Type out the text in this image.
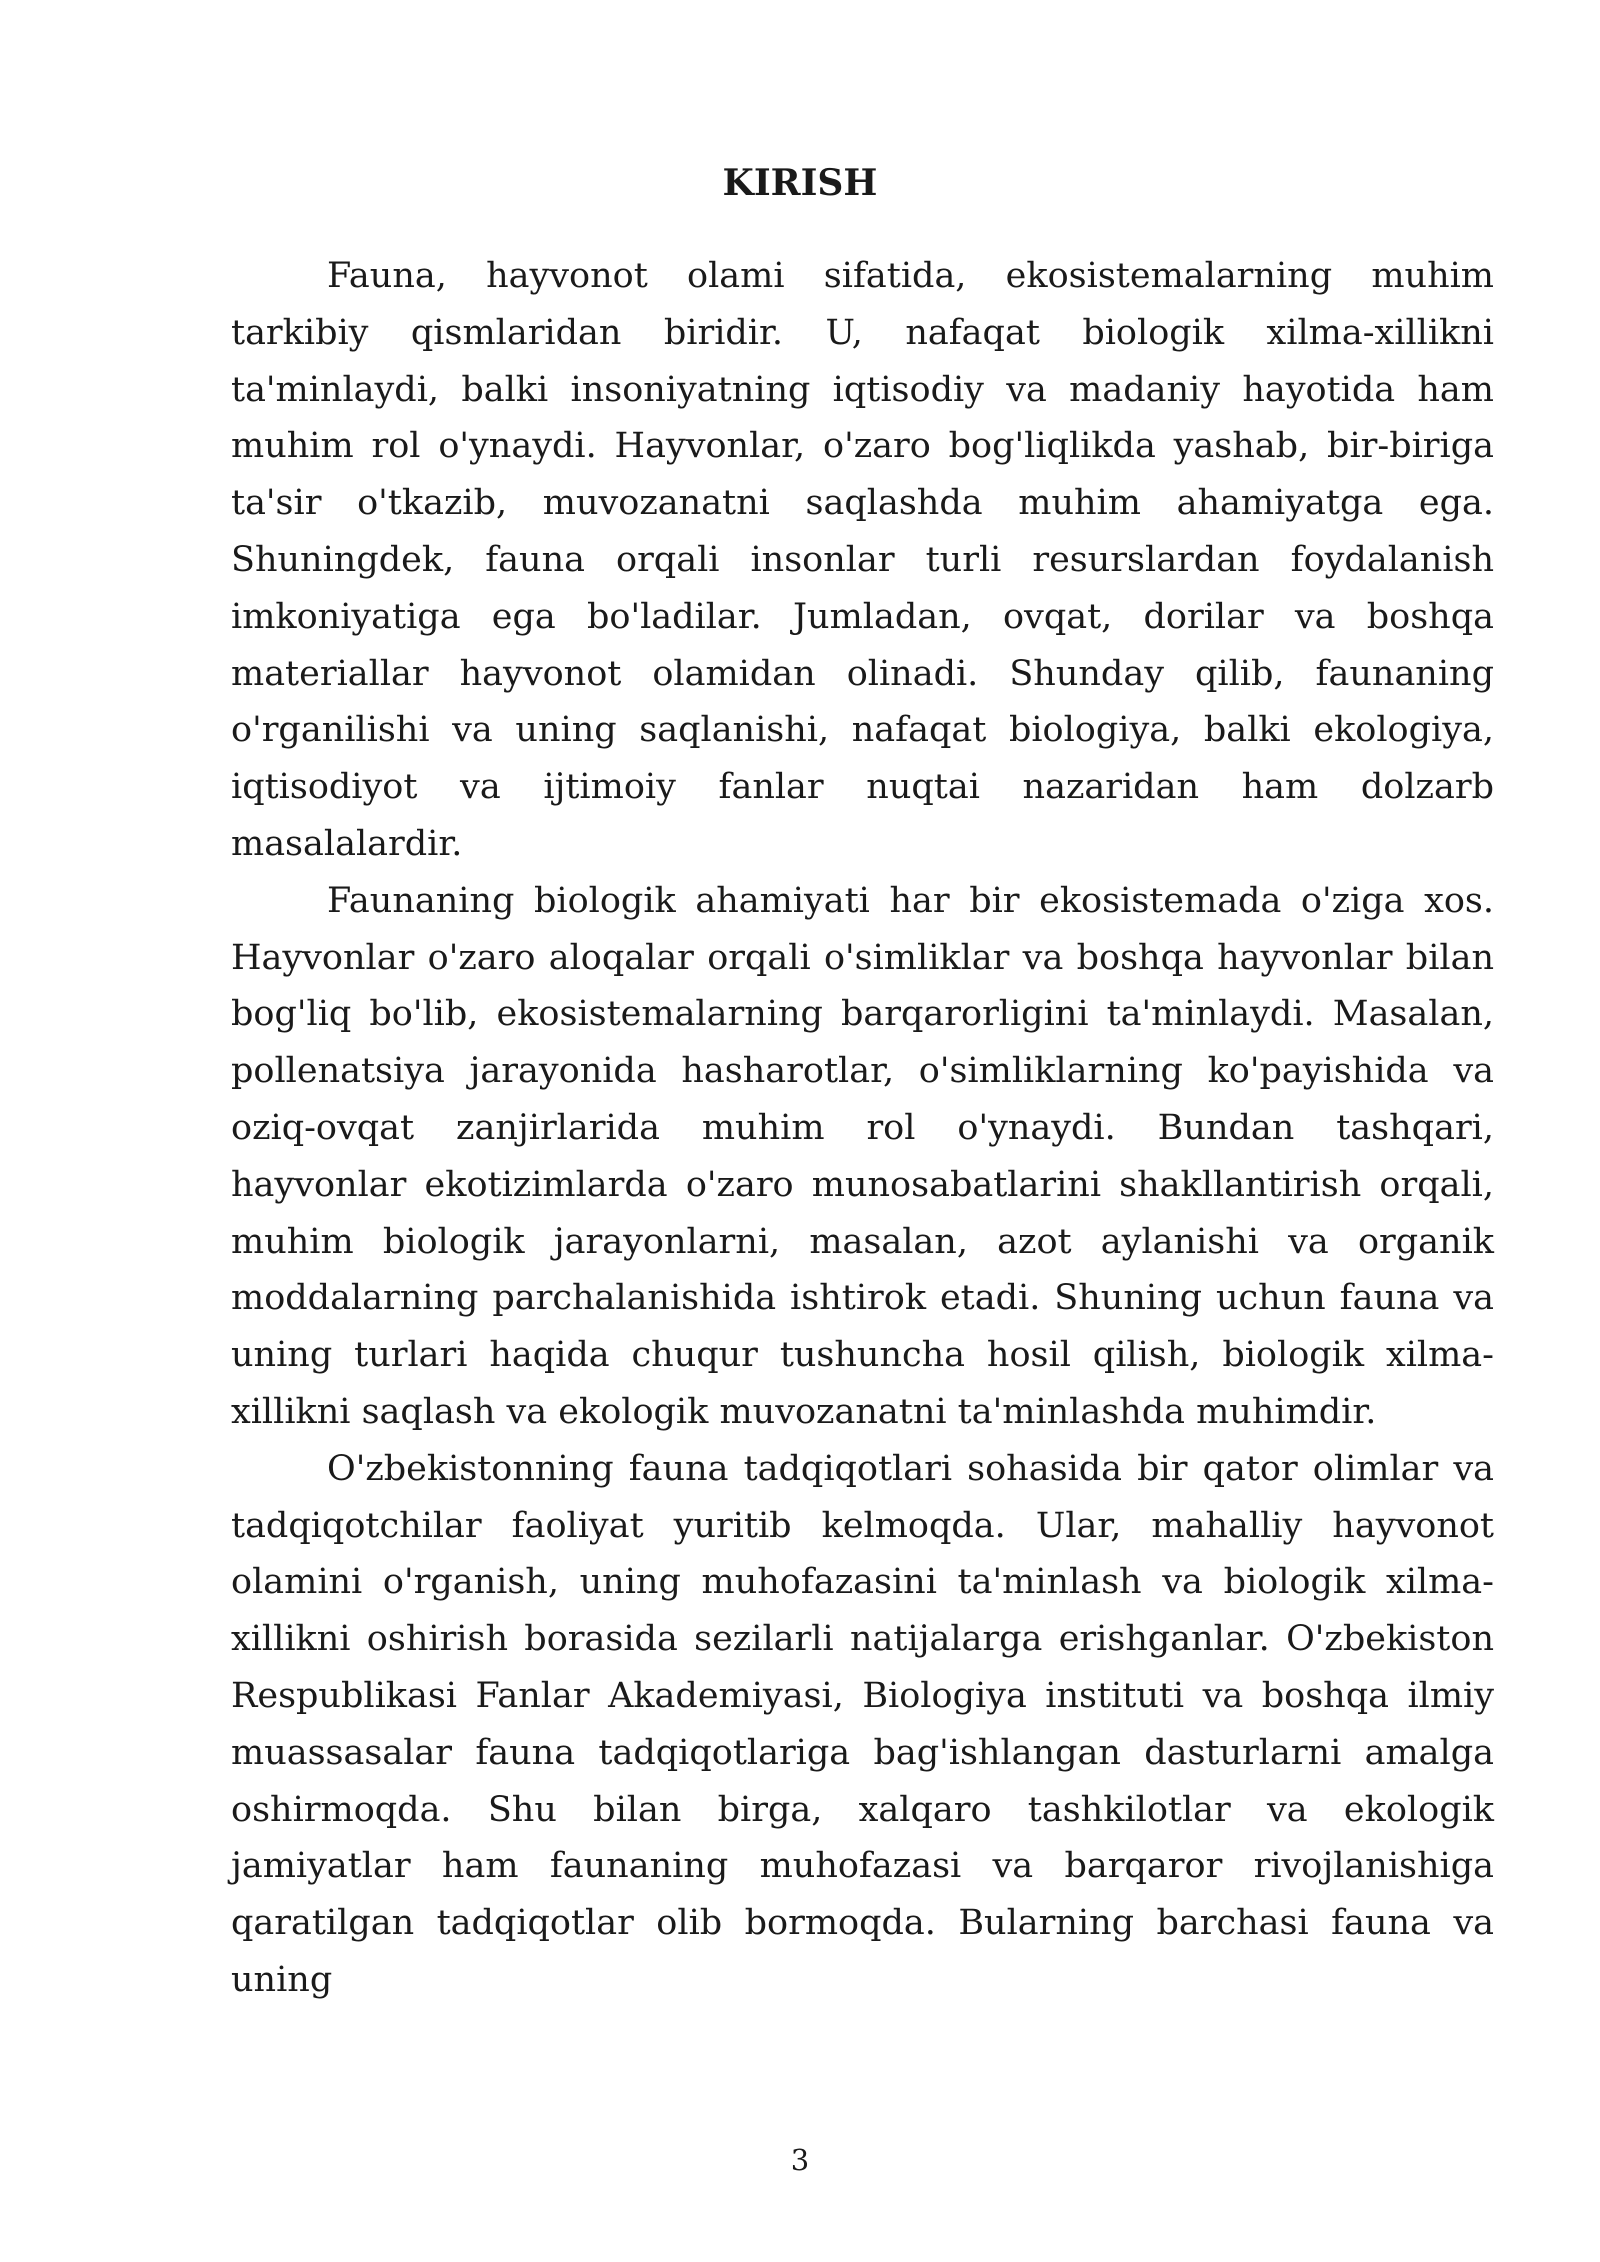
KIRISH

Fauna, hayvonot olami sifatida, ekosistemalarning muhim tarkibiy qismlaridan biridir. U, nafaqat biologik xilma-xillikni ta'minlaydi, balki insoniyatning iqtisodiy va madaniy hayotida ham muhim rol o'ynaydi. Hayvonlar, o'zaro bog'liqlikda yashab, bir-biriga ta'sir o'tkazib, muvozanatni saqlashda muhim ahamiyatga ega. Shuningdek, fauna orqali insonlar turli resurslardan foydalanish imkoniyatiga ega bo'ladilar. Jumladan, ovqat, dorilar va boshqa materiallar hayvonot olamidan olinadi. Shunday qilib, faunaning o'rganilishi va uning saqlanishi, nafaqat biologiya, balki ekologiya, iqtisodiyot va ijtimoiy fanlar nuqtai nazaridan ham dolzarb masalalardir.

Faunaning biologik ahamiyati har bir ekosistemada o'ziga xos. Hayvonlar o'zaro aloqalar orqali o'simliklar va boshqa hayvonlar bilan bog'liq bo'lib, ekosistemalarning barqarorligini ta'minlaydi. Masalan, pollenatsiya jarayonida hasharotlar, o'simliklarning ko'payishida va oziq-ovqat zanjirlarida muhim rol o'ynaydi. Bundan tashqari, hayvonlar ekotizimlarda o'zaro munosabatlarini shakllantirish orqali, muhim biologik jarayonlarni, masalan, azot aylanishi va organik moddalarning parchalanishida ishtirok etadi. Shuning uchun fauna va uning turlari haqida chuqur tushuncha hosil qilish, biologik xilma-xillikni saqlash va ekologik muvozanatni ta'minlashda muhimdir.

O'zbekistonning fauna tadqiqotlari sohasida bir qator olimlar va tadqiqotchilar faoliyat yuritib kelmoqda. Ular, mahalliy hayvonot olamini o'rganish, uning muhofazasini ta'minlash va biologik xilma-xillikni oshirish borasida sezilarli natijalarga erishganlar. O'zbekiston Respublikasi Fanlar Akademiyasi, Biologiya instituti va boshqa ilmiy muassasalar fauna tadqiqotlariga bag'ishlangan dasturlarni amalga oshirmoqda. Shu bilan birga, xalqaro tashkilotlar va ekologik jamiyatlar ham faunaning muhofazasi va barqaror rivojlanishiga qaratilgan tadqiqotlar olib bormoqda. Bularning barchasi fauna va uning

3
